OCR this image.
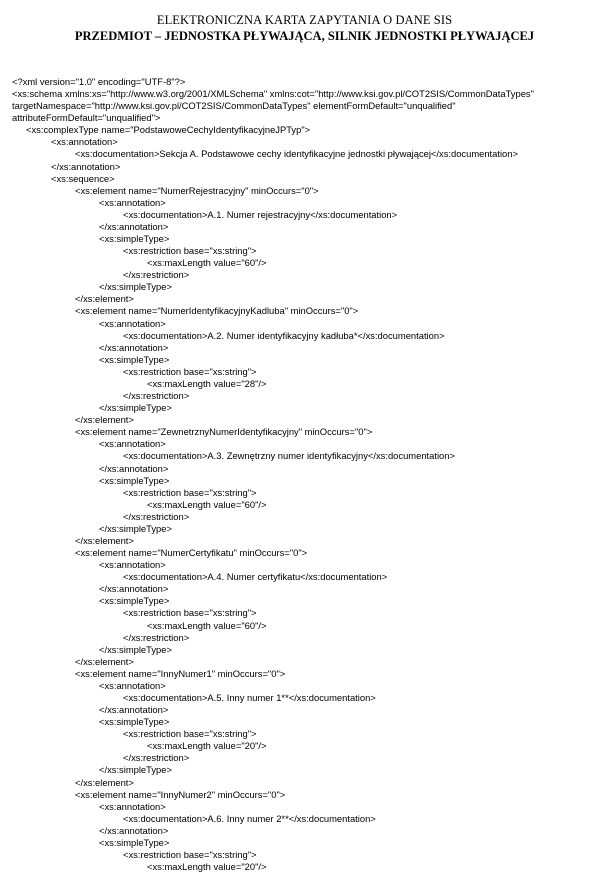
ELEKTRONICZNA KARTA ZAPYTANIA O DANE SIS
PRZEDMIOT – JEDNOSTKA PŁYWAJĄCA, SILNIK JEDNOSTKI PŁYWAJĄCEJ
<?xml version="1.0" encoding="UTF-8"?>
<xs:schema xmlns:xs="http://www.w3.org/2001/XMLSchema" xmlns:cot="http://www.ksi.gov.pl/COT2SIS/CommonDataTypes"
targetNamespace="http://www.ksi.gov.pl/COT2SIS/CommonDataTypes" elementFormDefault="unqualified"
attributeFormDefault="unqualified">
<xs:complexType name="PodstawoweCechyIdentyfikacyjneJPTyp">
<xs:annotation>
<xs:documentation>Sekcja A. Podstawowe cechy identyfikacyjne jednostki pływającej</xs:documentation>
</xs:annotation>
<xs:sequence>
<xs:element name="NumerRejestracyjny" minOccurs="0">
<xs:annotation>
<xs:documentation>A.1. Numer rejestracyjny</xs:documentation>
</xs:annotation>
<xs:simpleType>
<xs:restriction base="xs:string">
<xs:maxLength value="60"/>
</xs:restriction>
</xs:simpleType>
</xs:element>
<xs:element name="NumerIdentyfikacyjnyKadluba" minOccurs="0">
<xs:annotation>
<xs:documentation>A.2. Numer identyfikacyjny kadłuba*</xs:documentation>
</xs:annotation>
<xs:simpleType>
<xs:restriction base="xs:string">
<xs:maxLength value="28"/>
</xs:restriction>
</xs:simpleType>
</xs:element>
<xs:element name="ZewnetrznyNumerIdentyfikacyjny" minOccurs="0">
<xs:annotation>
<xs:documentation>A.3. Zewnętrzny numer identyfikacyjny</xs:documentation>
</xs:annotation>
<xs:simpleType>
<xs:restriction base="xs:string">
<xs:maxLength value="60"/>
</xs:restriction>
</xs:simpleType>
</xs:element>
<xs:element name="NumerCertyfikatu" minOccurs="0">
<xs:annotation>
<xs:documentation>A.4. Numer certyfikatu</xs:documentation>
</xs:annotation>
<xs:simpleType>
<xs:restriction base="xs:string">
<xs:maxLength value="60"/>
</xs:restriction>
</xs:simpleType>
</xs:element>
<xs:element name="InnyNumer1" minOccurs="0">
<xs:annotation>
<xs:documentation>A.5. Inny numer 1**</xs:documentation>
</xs:annotation>
<xs:simpleType>
<xs:restriction base="xs:string">
<xs:maxLength value="20"/>
</xs:restriction>
</xs:simpleType>
</xs:element>
<xs:element name="InnyNumer2" minOccurs="0">
<xs:annotation>
<xs:documentation>A.6. Inny numer 2**</xs:documentation>
</xs:annotation>
<xs:simpleType>
<xs:restriction base="xs:string">
<xs:maxLength value="20"/>
